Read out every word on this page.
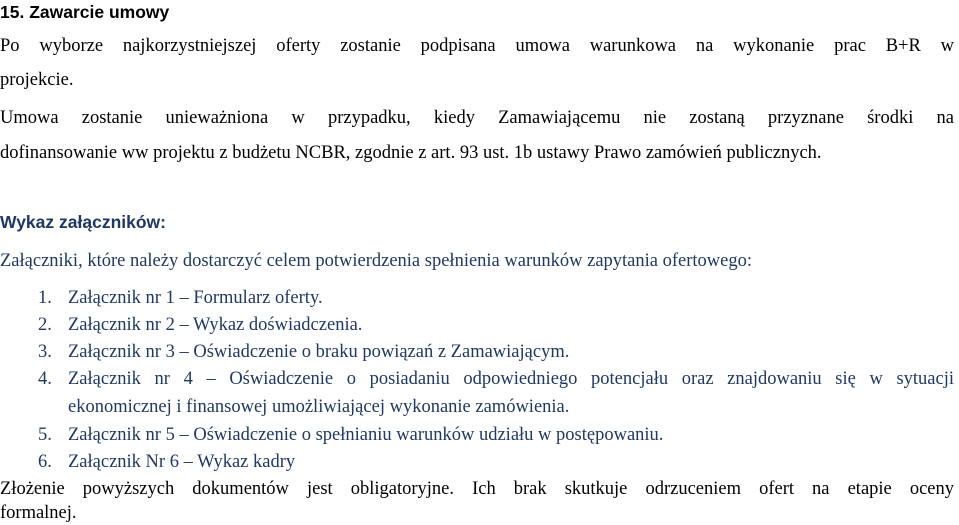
15. Zawarcie umowy

Po wyborze najkorzystniejszej oferty zostanie podpisana umowa warunkowa na wykonanie prac B+R w

projekcie.

Umowa zostanie unieważniona w przypadku, kiedy Zamawiającemu nie zostaną przyznane środki na

dofinansowanie ww projektu z budżetu NCBR, zgodnie z art. 93 ust. 1b ustawy Prawo zamówień publicznych.

Wykaz załączników:

Załączniki, które należy dostarczyć celem potwierdzenia spełnienia warunków zapytania ofertowego:

1. Załącznik nr 1 – Formularz oferty.

2. Załącznik nr 2 – Wykaz doświadczenia.

3. Załącznik nr 3 – Oświadczenie o braku powiązań z Zamawiającym.

4. Załącznik nr 4 – Oświadczenie o posiadaniu odpowiedniego potencjału oraz znajdowaniu się w sytuacji

ekonomicznej i finansowej umożliwiającej wykonanie zamówienia.

5. Załącznik nr 5 – Oświadczenie o spełnianiu warunków udziału w postępowaniu.

6. Załącznik Nr 6 – Wykaz kadry

Złożenie powyższych dokumentów jest obligatoryjne. Ich brak skutkuje odrzuceniem ofert na etapie oceny

formalnej.
